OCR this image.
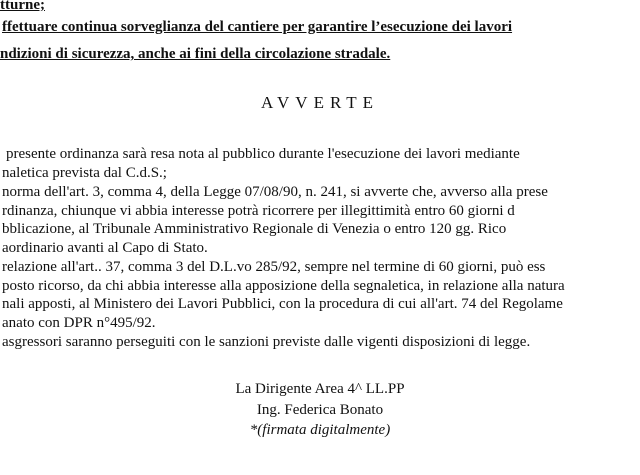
tturne;
ffettuare continua sorveglianza del cantiere per garantire l’esecuzione dei lavori
ndizioni di sicurezza, anche ai fini della circolazione stradale.
AVVERTE
presente ordinanza sarà resa nota al pubblico durante l'esecuzione dei lavori mediante
naletica prevista dal C.d.S.;
norma dell'art. 3, comma 4, della Legge 07/08/90, n. 241, si avverte che, avverso alla prese
rdinanza, chiunque vi abbia interesse potrà ricorrere per illegittimità entro 60 giorni d
bblicazione, al Tribunale Amministrativo Regionale di Venezia o entro 120 gg. Rico
aordinario avanti al Capo di Stato.
relazione all'art.. 37, comma 3 del D.L.vo 285/92, sempre nel termine di 60 giorni, può ess
posto ricorso, da chi abbia interesse alla apposizione della segnaletica, in relazione alla natura
nali apposti, al Ministero dei Lavori Pubblici, con la procedura di cui all'art. 74 del Regolame
anato con DPR n°495/92.
asgressori saranno perseguiti con le sanzioni previste dalle vigenti disposizioni di legge.
La Dirigente Area 4^ LL.PP
Ing. Federica Bonato
*(firmata digitalmente)
